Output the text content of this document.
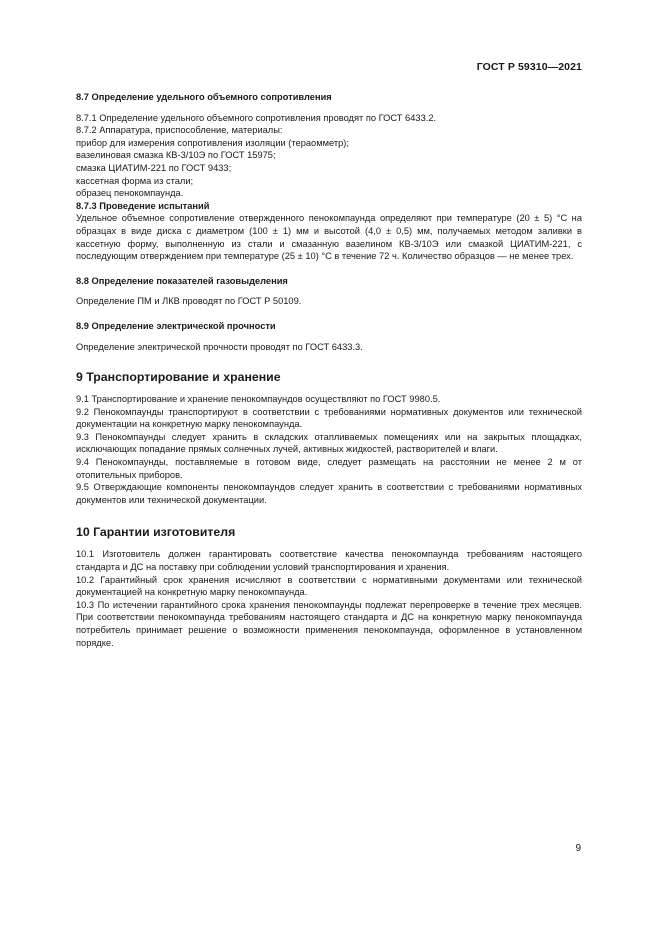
ГОСТ Р 59310—2021

8.7 Определение удельного объемного сопротивления

8.7.1 Определение удельного объемного сопротивления проводят по ГОСТ 6433.2.

8.7.2 Аппаратура, приспособление, материалы:

прибор для измерения сопротивления изоляции (тераомметр);

вазелиновая смазка КВ-3/10Э по ГОСТ 15975;

смазка ЦИАТИМ-221 по ГОСТ 9433;

кассетная форма из стали;

образец пенокомпаунда.

8.7.3 Проведение испытаний

Удельное объемное сопротивление отвержденного пенокомпаунда определяют при температуре (20 ± 5) °С на образцах в виде диска с диаметром (100 ± 1) мм и высотой (4,0 ± 0,5) мм, получаемых методом заливки в кассетную форму, выполненную из стали и смазанную вазелином КВ-3/10Э или смазкой ЦИАТИМ-221, с последующим отверждением при температуре (25 ± 10) °С в течение 72 ч. Количество образцов — не менее трех.

8.8 Определение показателей газовыделения

Определение ПМ и ЛКВ проводят по ГОСТ Р 50109.

8.9 Определение электрической прочности

Определение электрической прочности проводят по ГОСТ 6433.3.

9 Транспортирование и хранение

9.1 Транспортирование и хранение пенокомпаундов осуществляют по ГОСТ 9980.5.

9.2 Пенокомпаунды транспортируют в соответствии с требованиями нормативных документов или технической документации на конкретную марку пенокомпаунда.

9.3 Пенокомпаунды следует хранить в складских отапливаемых помещениях или на закрытых площадках, исключающих попадание прямых солнечных лучей, активных жидкостей, растворителей и влаги.

9.4 Пенокомпаунды, поставляемые в готовом виде, следует размещать на расстоянии не менее 2 м от отопительных приборов.

9.5 Отверждающие компоненты пенокомпаундов следует хранить в соответствии с требованиями нормативных документов или технической документации.

10 Гарантии изготовителя

10.1 Изготовитель должен гарантировать соответствие качества пенокомпаунда требованиям настоящего стандарта и ДС на поставку при соблюдении условий транспортирования и хранения.

10.2 Гарантийный срок хранения исчисляют в соответствии с нормативными документами или технической документацией на конкретную марку пенокомпаунда.

10.3 По истечении гарантийного срока хранения пенокомпаунды подлежат перепроверке в течение трех месяцев. При соответствии пенокомпаунда требованиям настоящего стандарта и ДС на конкретную марку пенокомпаунда потребитель принимает решение о возможности применения пенокомпаунда, оформленное в установленном порядке.

9
